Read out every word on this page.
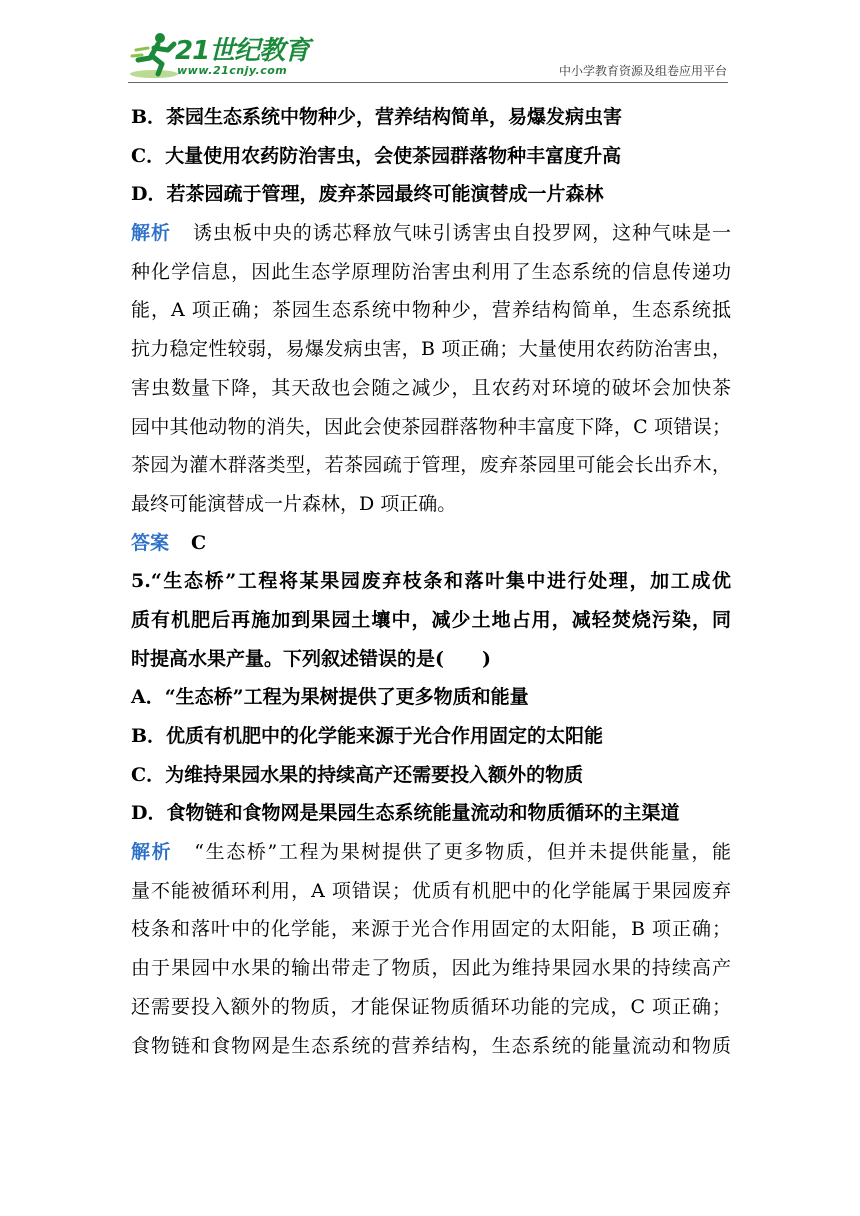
21世纪教育
www.21cnjy.com	中小学教育资源及组卷应用平台
B．茶园生态系统中物种少，营养结构简单，易爆发病虫害
C．大量使用农药防治害虫，会使茶园群落物种丰富度升高
D．若茶园疏于管理，废弃茶园最终可能演替成一片森林
解析 诱虫板中央的诱芯释放气味引诱害虫自投罗网，这种气味是一
种化学信息，因此生态学原理防治害虫利用了生态系统的信息传递功
能，A 项正确；茶园生态系统中物种少，营养结构简单，生态系统抵
抗力稳定性较弱，易爆发病虫害，B 项正确；大量使用农药防治害虫，
害虫数量下降，其天敌也会随之减少，且农药对环境的破坏会加快茶
园中其他动物的消失，因此会使茶园群落物种丰富度下降，C 项错误；
茶园为灌木群落类型，若茶园疏于管理，废弃茶园里可能会长出乔木，
最终可能演替成一片森林，D 项正确。
答案 C
5.“生态桥”工程将某果园废弃枝条和落叶集中进行处理，加工成优
质有机肥后再施加到果园土壤中，减少土地占用，减轻焚烧污染，同
时提高水果产量。下列叙述错误的是(　　)
A．“生态桥”工程为果树提供了更多物质和能量
B．优质有机肥中的化学能来源于光合作用固定的太阳能
C．为维持果园水果的持续高产还需要投入额外的物质
D．食物链和食物网是果园生态系统能量流动和物质循环的主渠道
解析 “生态桥”工程为果树提供了更多物质，但并未提供能量，能
量不能被循环利用，A 项错误；优质有机肥中的化学能属于果园废弃
枝条和落叶中的化学能，来源于光合作用固定的太阳能，B 项正确；
由于果园中水果的输出带走了物质，因此为维持果园水果的持续高产
还需要投入额外的物质，才能保证物质循环功能的完成，C 项正确；
食物链和食物网是生态系统的营养结构，生态系统的能量流动和物质
